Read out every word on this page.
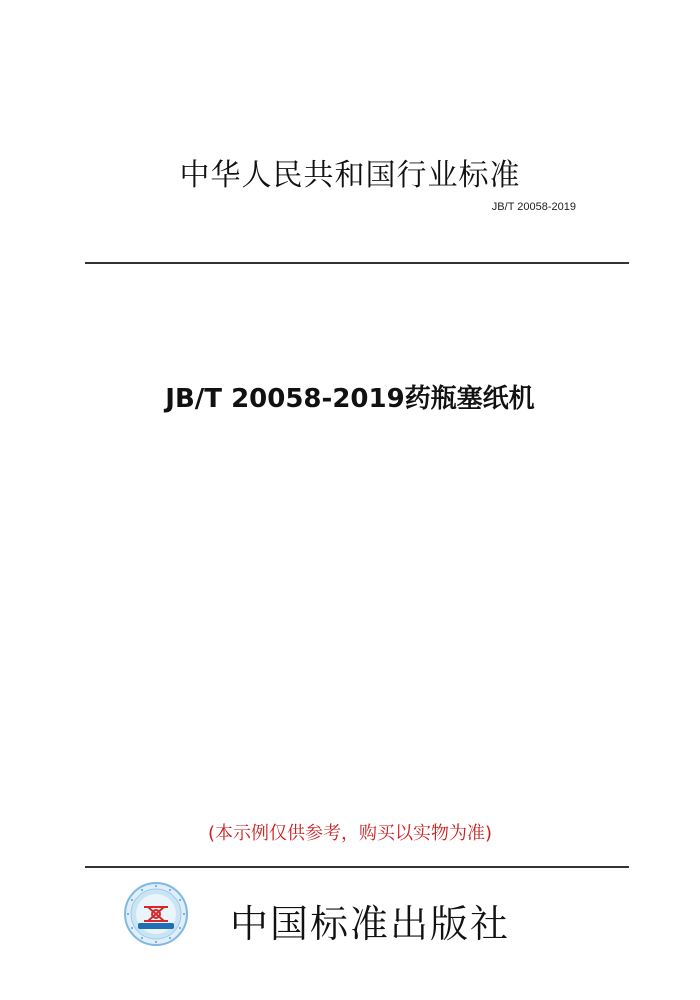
中华人民共和国行业标准
JB/T 20058-2019
JB/T 20058-2019药瓶塞纸机
(本示例仅供参考，购买以实物为准)
中国标准出版社
